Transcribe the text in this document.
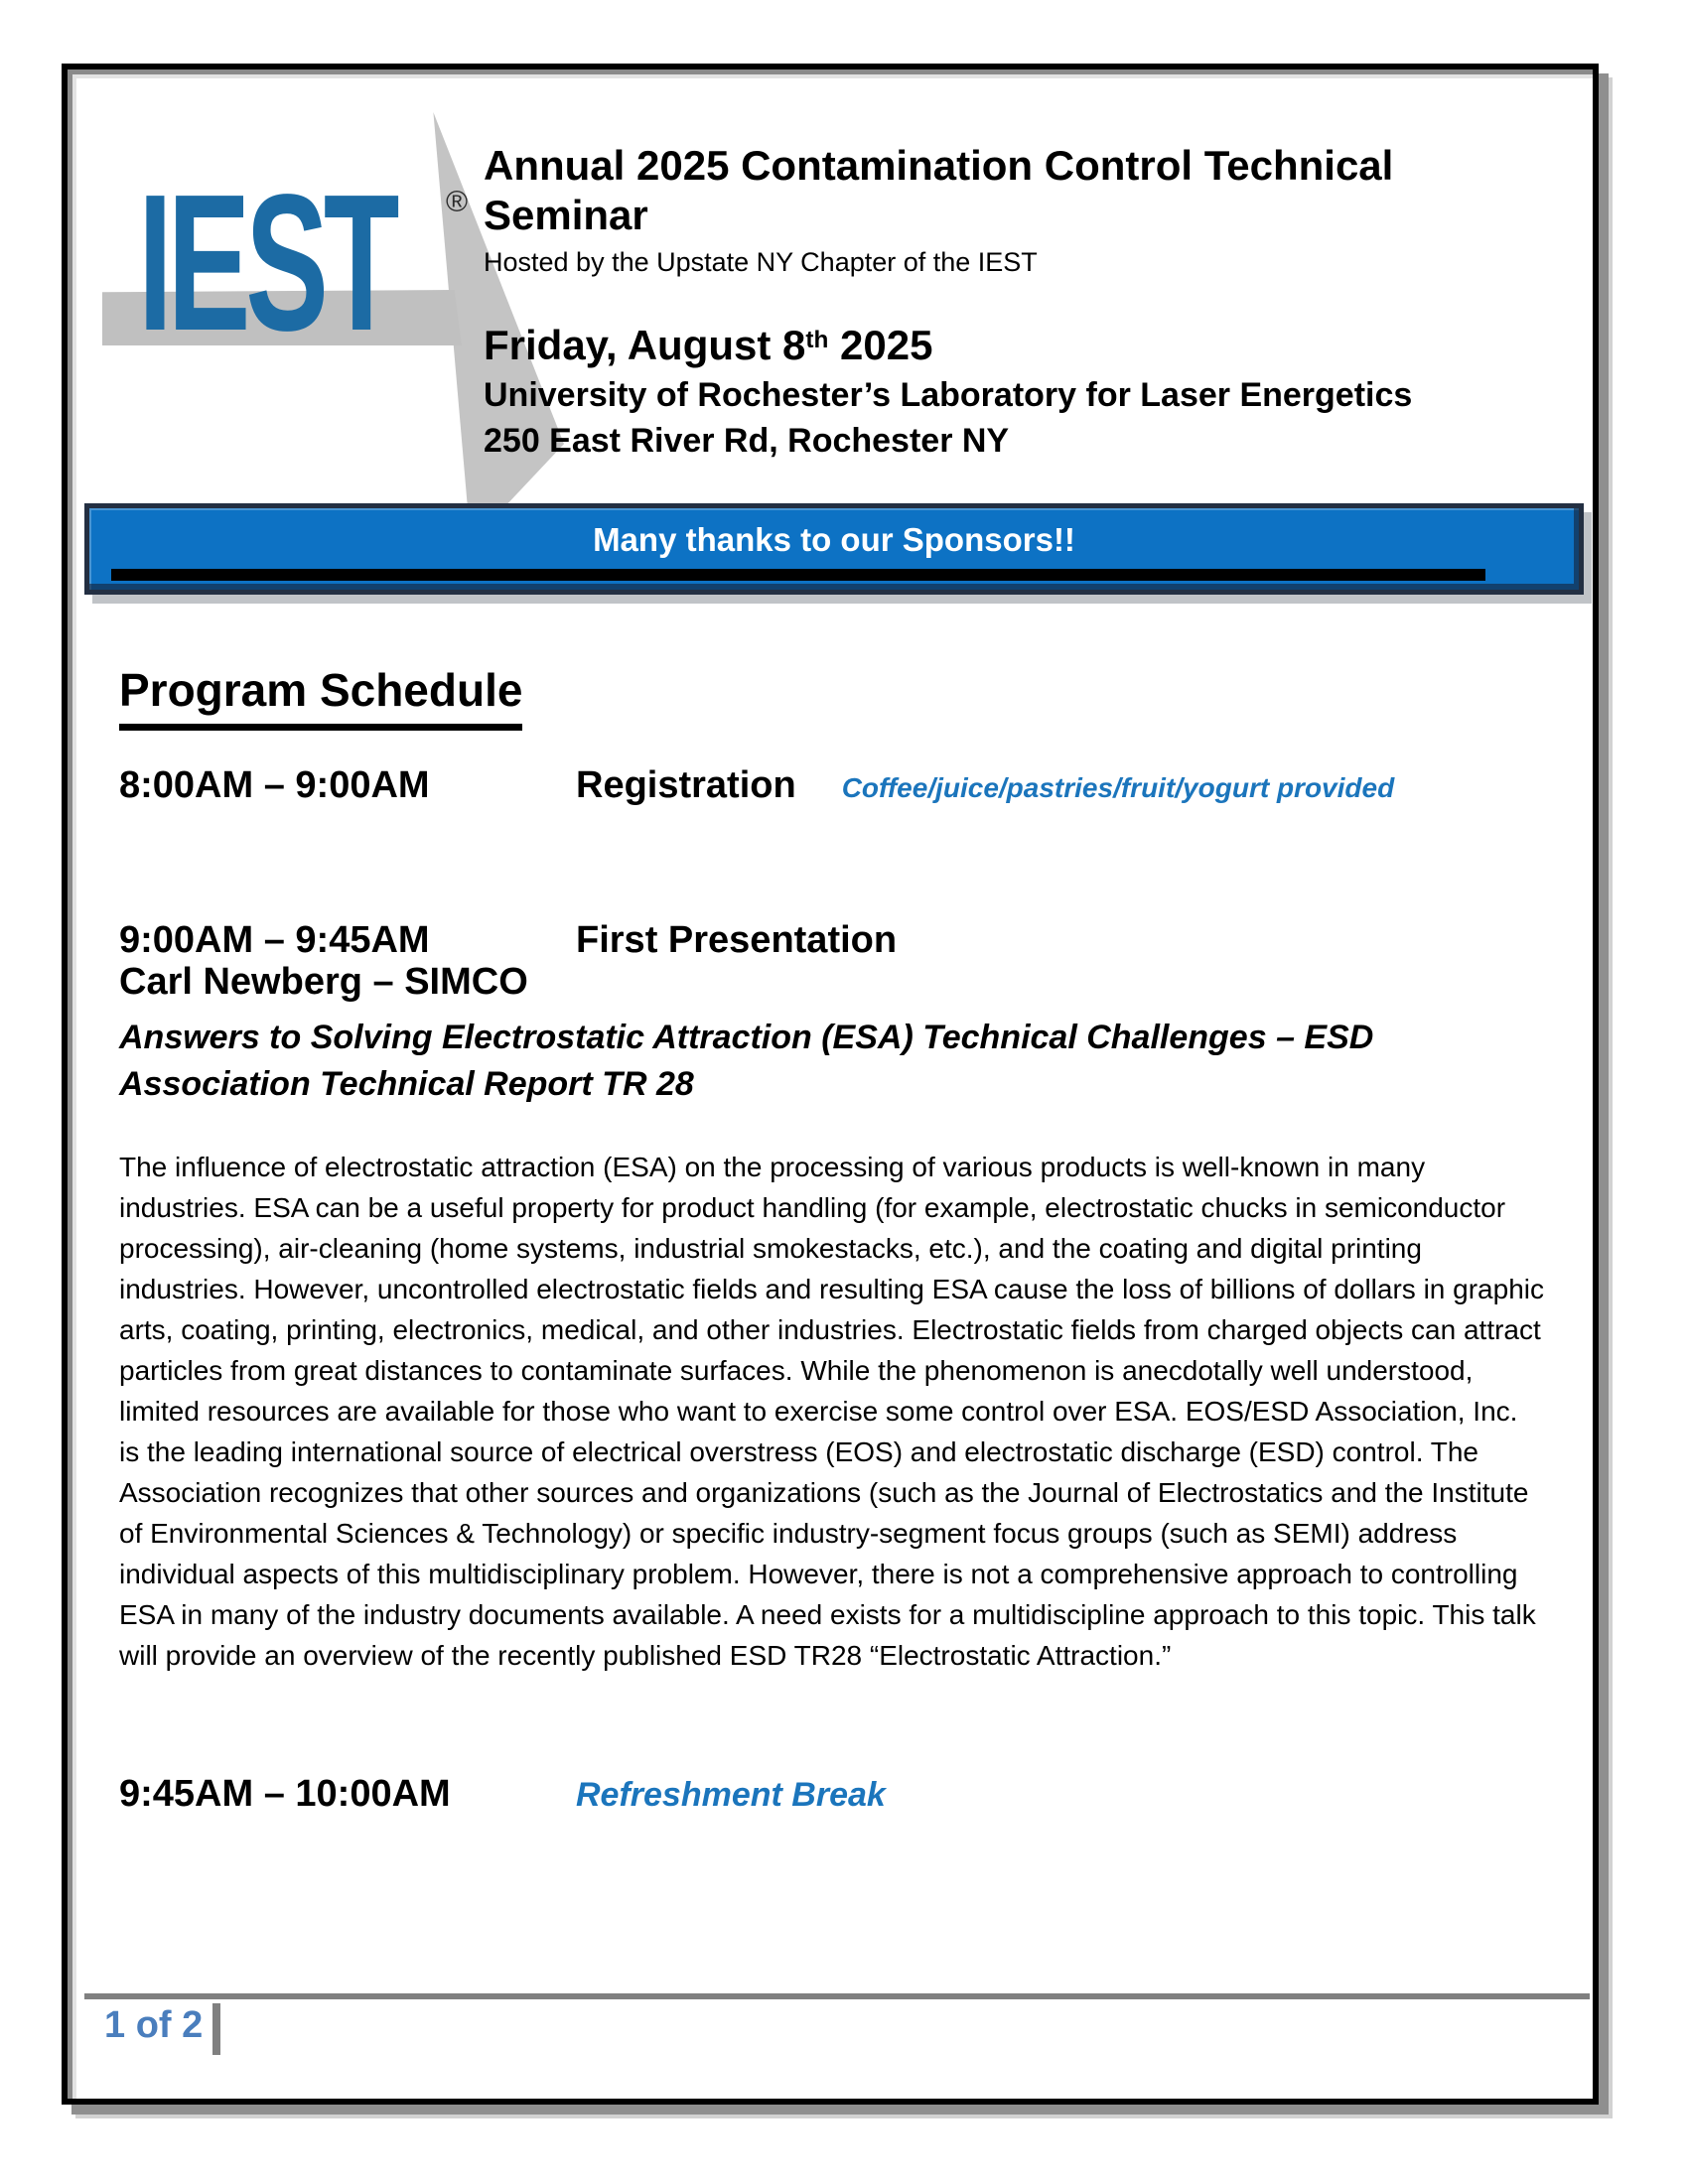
IEST ®
Annual 2025 Contamination Control Technical Seminar
Hosted by the Upstate NY Chapter of the IEST
Friday, August 8th 2025
University of Rochester’s Laboratory for Laser Energetics
250 East River Rd, Rochester NY
Many thanks to our Sponsors!!
Program Schedule
8:00AM – 9:00AM	Registration Coffee/juice/pastries/fruit/yogurt provided
9:00AM – 9:45AM	First Presentation
Carl Newberg – SIMCO
Answers to Solving Electrostatic Attraction (ESA) Technical Challenges – ESD Association Technical Report TR 28
The influence of electrostatic attraction (ESA) on the processing of various products is well-known in many industries. ESA can be a useful property for product handling (for example, electrostatic chucks in semiconductor processing), air-cleaning (home systems, industrial smokestacks, etc.), and the coating and digital printing industries. However, uncontrolled electrostatic fields and resulting ESA cause the loss of billions of dollars in graphic arts, coating, printing, electronics, medical, and other industries. Electrostatic fields from charged objects can attract particles from great distances to contaminate surfaces. While the phenomenon is anecdotally well understood, limited resources are available for those who want to exercise some control over ESA. EOS/ESD Association, Inc. is the leading international source of electrical overstress (EOS) and electrostatic discharge (ESD) control. The Association recognizes that other sources and organizations (such as the Journal of Electrostatics and the Institute of Environmental Sciences & Technology) or specific industry-segment focus groups (such as SEMI) address individual aspects of this multidisciplinary problem. However, there is not a comprehensive approach to controlling ESA in many of the industry documents available. A need exists for a multidiscipline approach to this topic. This talk will provide an overview of the recently published ESD TR28 “Electrostatic Attraction.”
9:45AM – 10:00AM	Refreshment Break
1 of 2
